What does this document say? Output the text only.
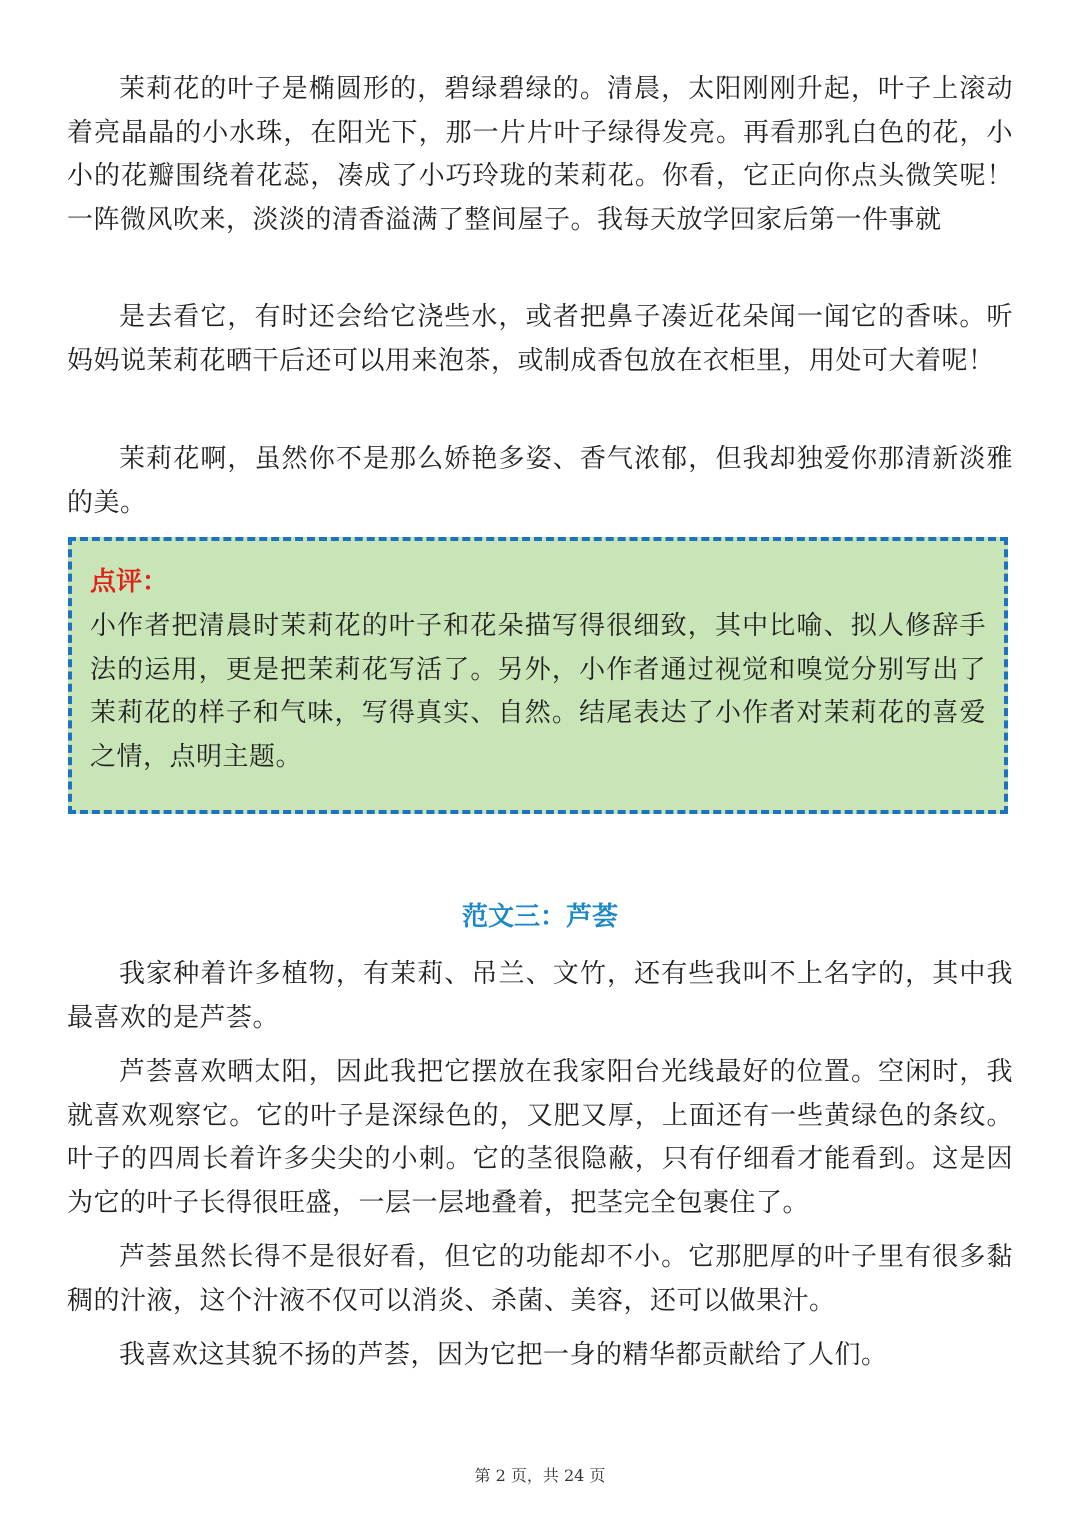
茉莉花的叶子是椭圆形的，碧绿碧绿的。清晨，太阳刚刚升起，叶子上滚动着亮晶晶的小水珠，在阳光下，那一片片叶子绿得发亮。再看那乳白色的花，小小的花瓣围绕着花蕊，凑成了小巧玲珑的茉莉花。你看，它正向你点头微笑呢！ 一阵微风吹来，淡淡的清香溢满了整间屋子。我每天放学回家后第一件事就

是去看它，有时还会给它浇些水，或者把鼻子凑近花朵闻一闻它的香味。听妈妈说茉莉花晒干后还可以用来泡茶，或制成香包放在衣柜里，用处可大着呢！

茉莉花啊，虽然你不是那么娇艳多姿、香气浓郁，但我却独爱你那清新淡雅的美。

点评：

小作者把清晨时茉莉花的叶子和花朵描写得很细致，其中比喻、拟人修辞手法的运用，更是把茉莉花写活了。另外，小作者通过视觉和嗅觉分别写出了茉莉花的样子和气味，写得真实、自然。结尾表达了小作者对茉莉花的喜爱之情，点明主题。

范文三：芦荟

我家种着许多植物，有茉莉、吊兰、文竹，还有些我叫不上名字的，其中我最喜欢的是芦荟。

芦荟喜欢晒太阳，因此我把它摆放在我家阳台光线最好的位置。空闲时，我就喜欢观察它。它的叶子是深绿色的，又肥又厚，上面还有一些黄绿色的条纹。叶子的四周长着许多尖尖的小刺。它的茎很隐蔽，只有仔细看才能看到。这是因为它的叶子长得很旺盛，一层一层地叠着，把茎完全包裹住了。

芦荟虽然长得不是很好看，但它的功能却不小。它那肥厚的叶子里有很多黏稠的汁液，这个汁液不仅可以消炎、杀菌、美容，还可以做果汁。

我喜欢这其貌不扬的芦荟，因为它把一身的精华都贡献给了人们。

第 2 页，共 24 页
